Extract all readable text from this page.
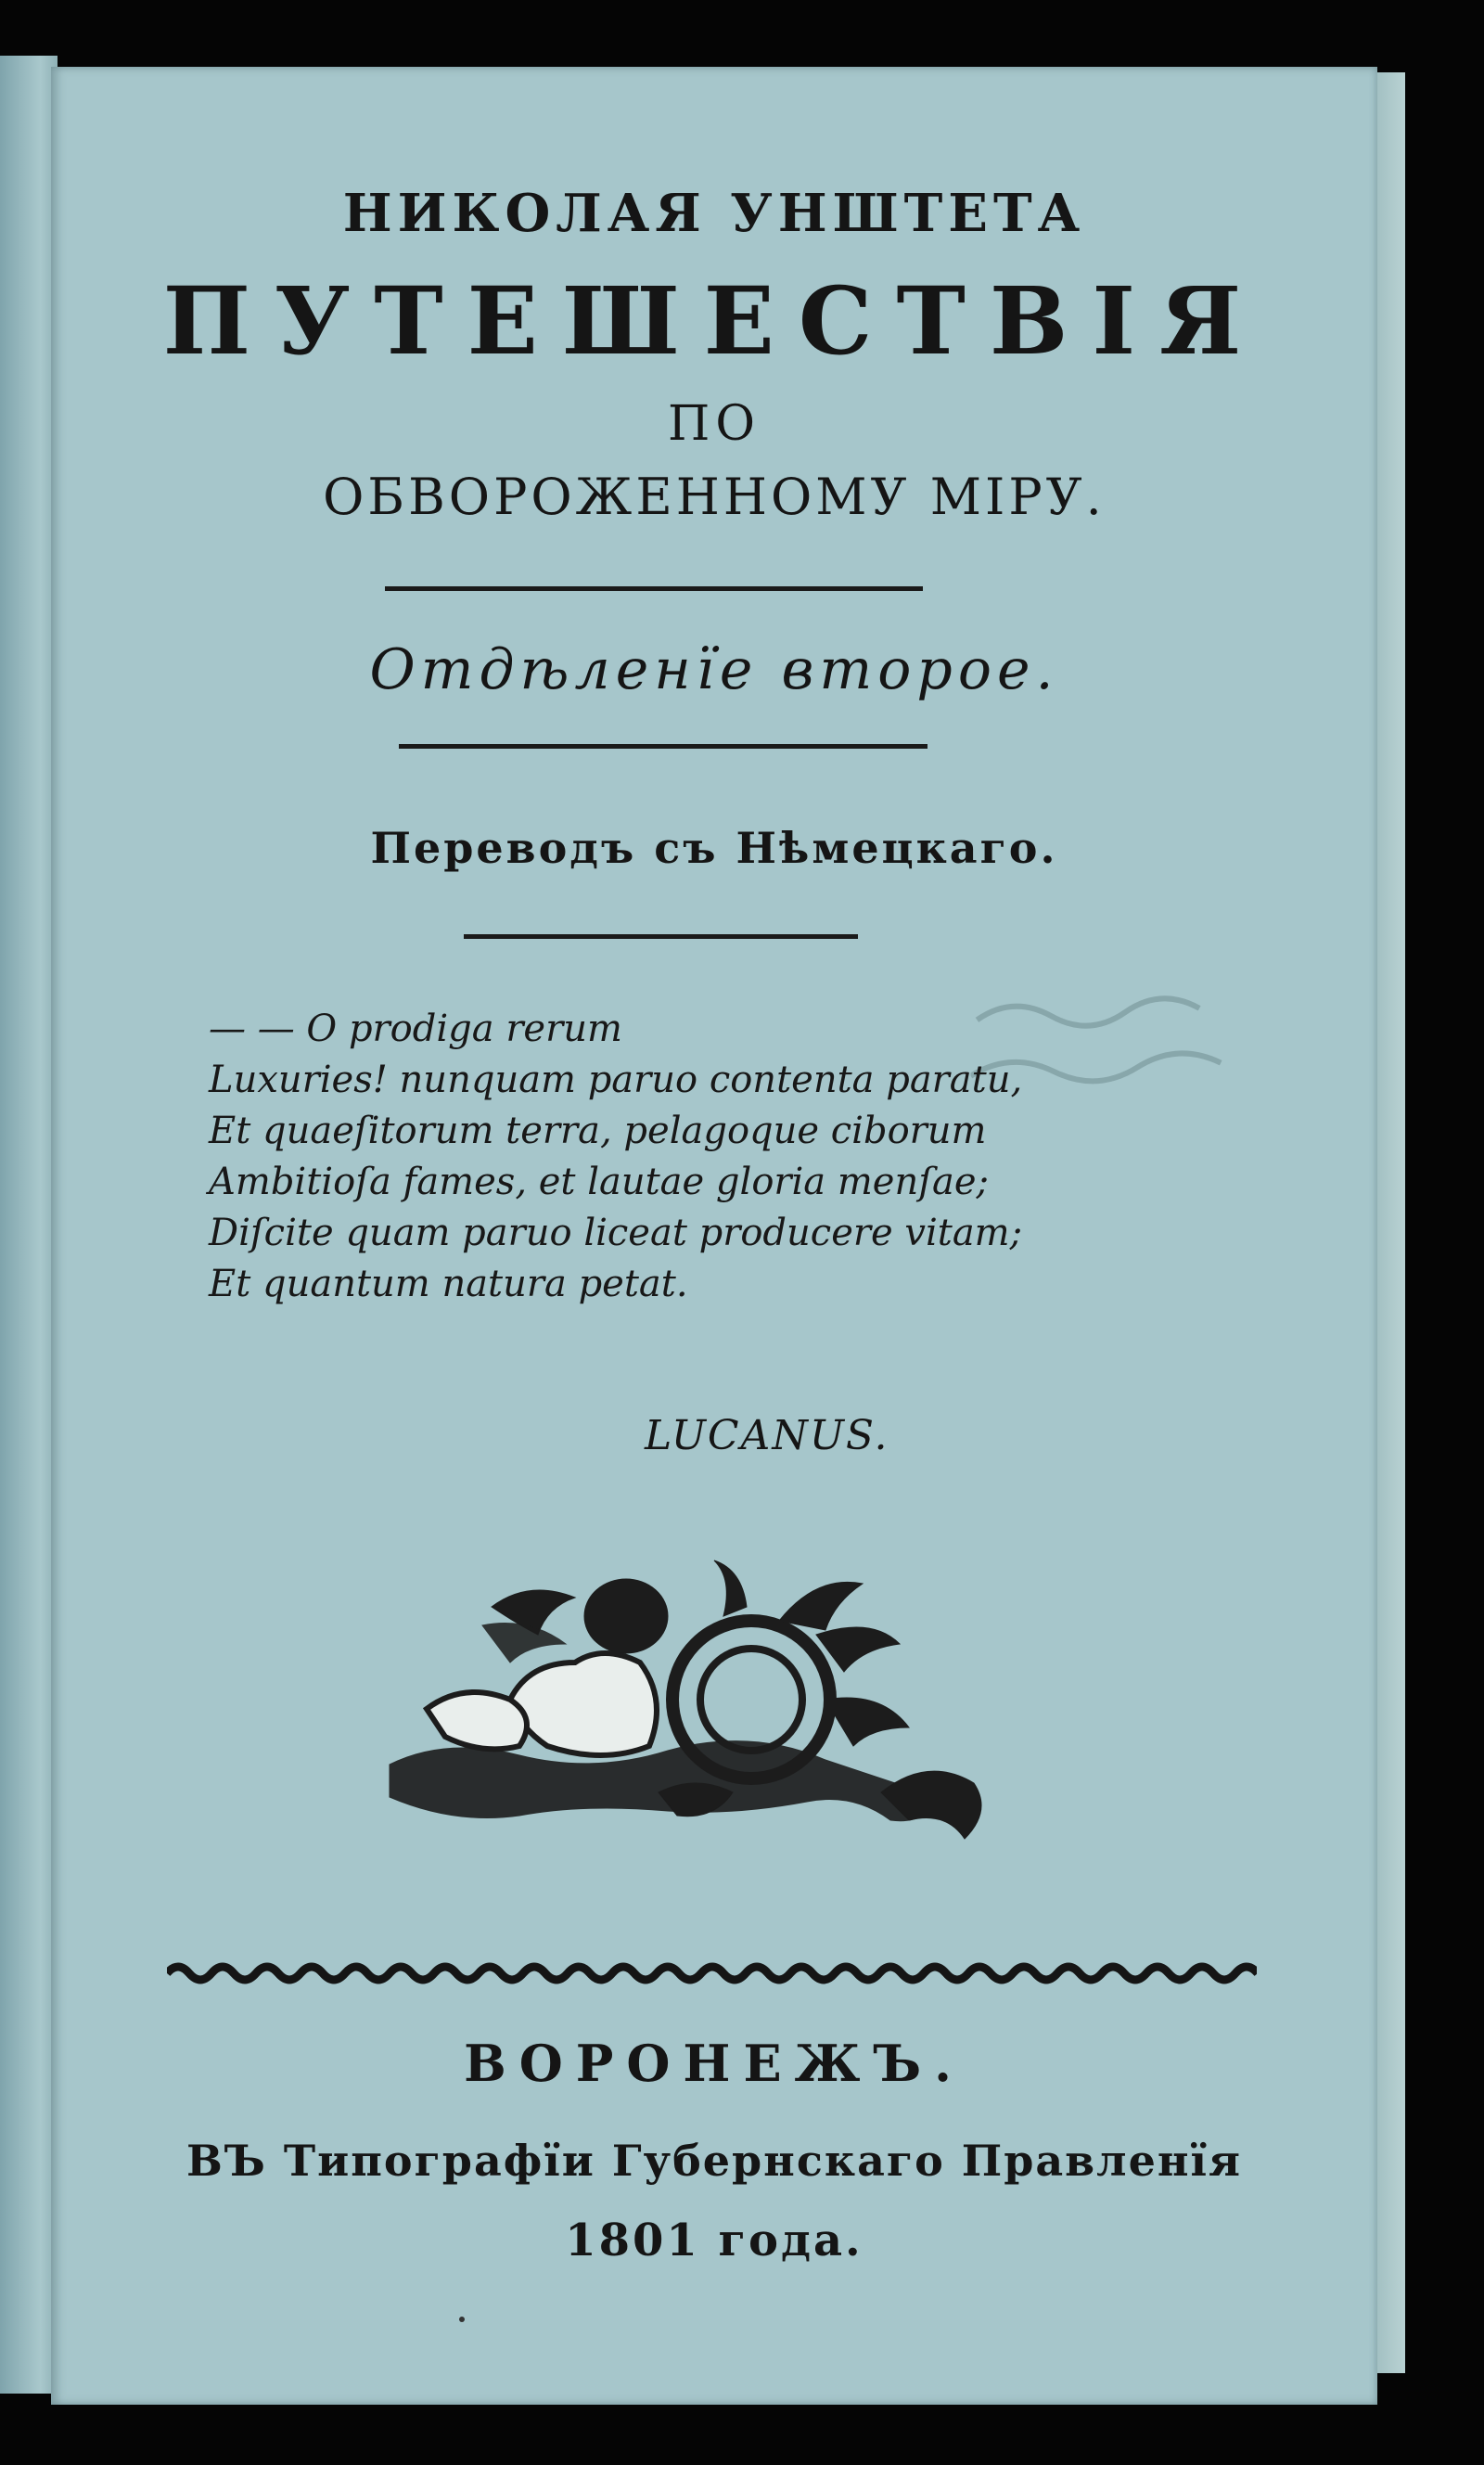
НИКОЛАЯ УНШТЕТА
ПУТЕШЕСТВІЯ
ПО
ОБВОРОЖЕННОМУ МІРУ.
Отдѣленїе второе.
Переводъ съ Нѣмецкаго.
— — O prodiga rerum
Luxuries! nunquam paruo contenta paratu,
Et quaeſitorum terra, pelagoque ciborum
Ambitioſa fames, et lautae gloria menſae;
Diſcite quam paruo liceat producere vitam;
Et quantum natura petat.
LUCANUS.
ВОРОНЕЖЪ.
ВЪ Типографїи Губернскаго Правленїя
1801 года.
